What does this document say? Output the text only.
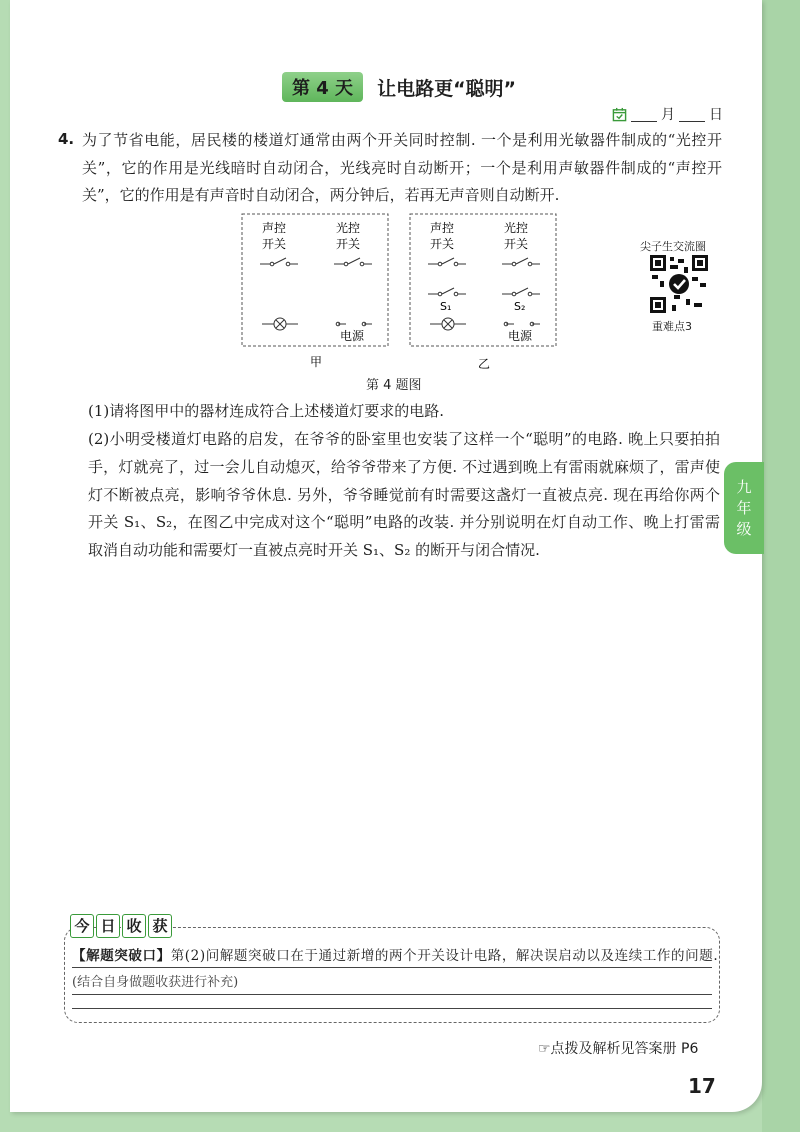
第 4 天	让电路更“聪明”
月 日
4. 为了节省电能，居民楼的楼道灯通常由两个开关同时控制. 一个是利用光敏器件制成的“光控开关”，它的作用是光线暗时自动闭合，光线亮时自动断开；一个是利用声敏器件制成的“声控开关”，它的作用是有声音时自动闭合，两分钟后，若再无声音则自动断开.
声控
开关
光控
开关
电源
声控
开关
光控
开关
S₁	S₂
电源
甲	乙
第 4 题图
尖子生交流圈
重难点3
(1)请将图甲中的器材连成符合上述楼道灯要求的电路.
(2)小明受楼道灯电路的启发，在爷爷的卧室里也安装了这样一个“聪明”的电路. 晚上只要拍拍手，灯就亮了，过一会儿自动熄灭，给爷爷带来了方便. 不过遇到晚上有雷雨就麻烦了，雷声使灯不断被点亮，影响爷爷休息. 另外，爷爷睡觉前有时需要这盏灯一直被点亮. 现在再给你两个开关 S₁、S₂，在图乙中完成对这个“聪明”电路的改装. 并分别说明在灯自动工作、晚上打雷需取消自动功能和需要灯一直被点亮时开关 S₁、S₂ 的断开与闭合情况.
九
年
级
今 日 收 获
【解题突破口】第(2)问解题突破口在于通过新增的两个开关设计电路，解决误启动以及连续工作的问题.
(结合自身做题收获进行补充)
☞点拨及解析见答案册 P6
17
